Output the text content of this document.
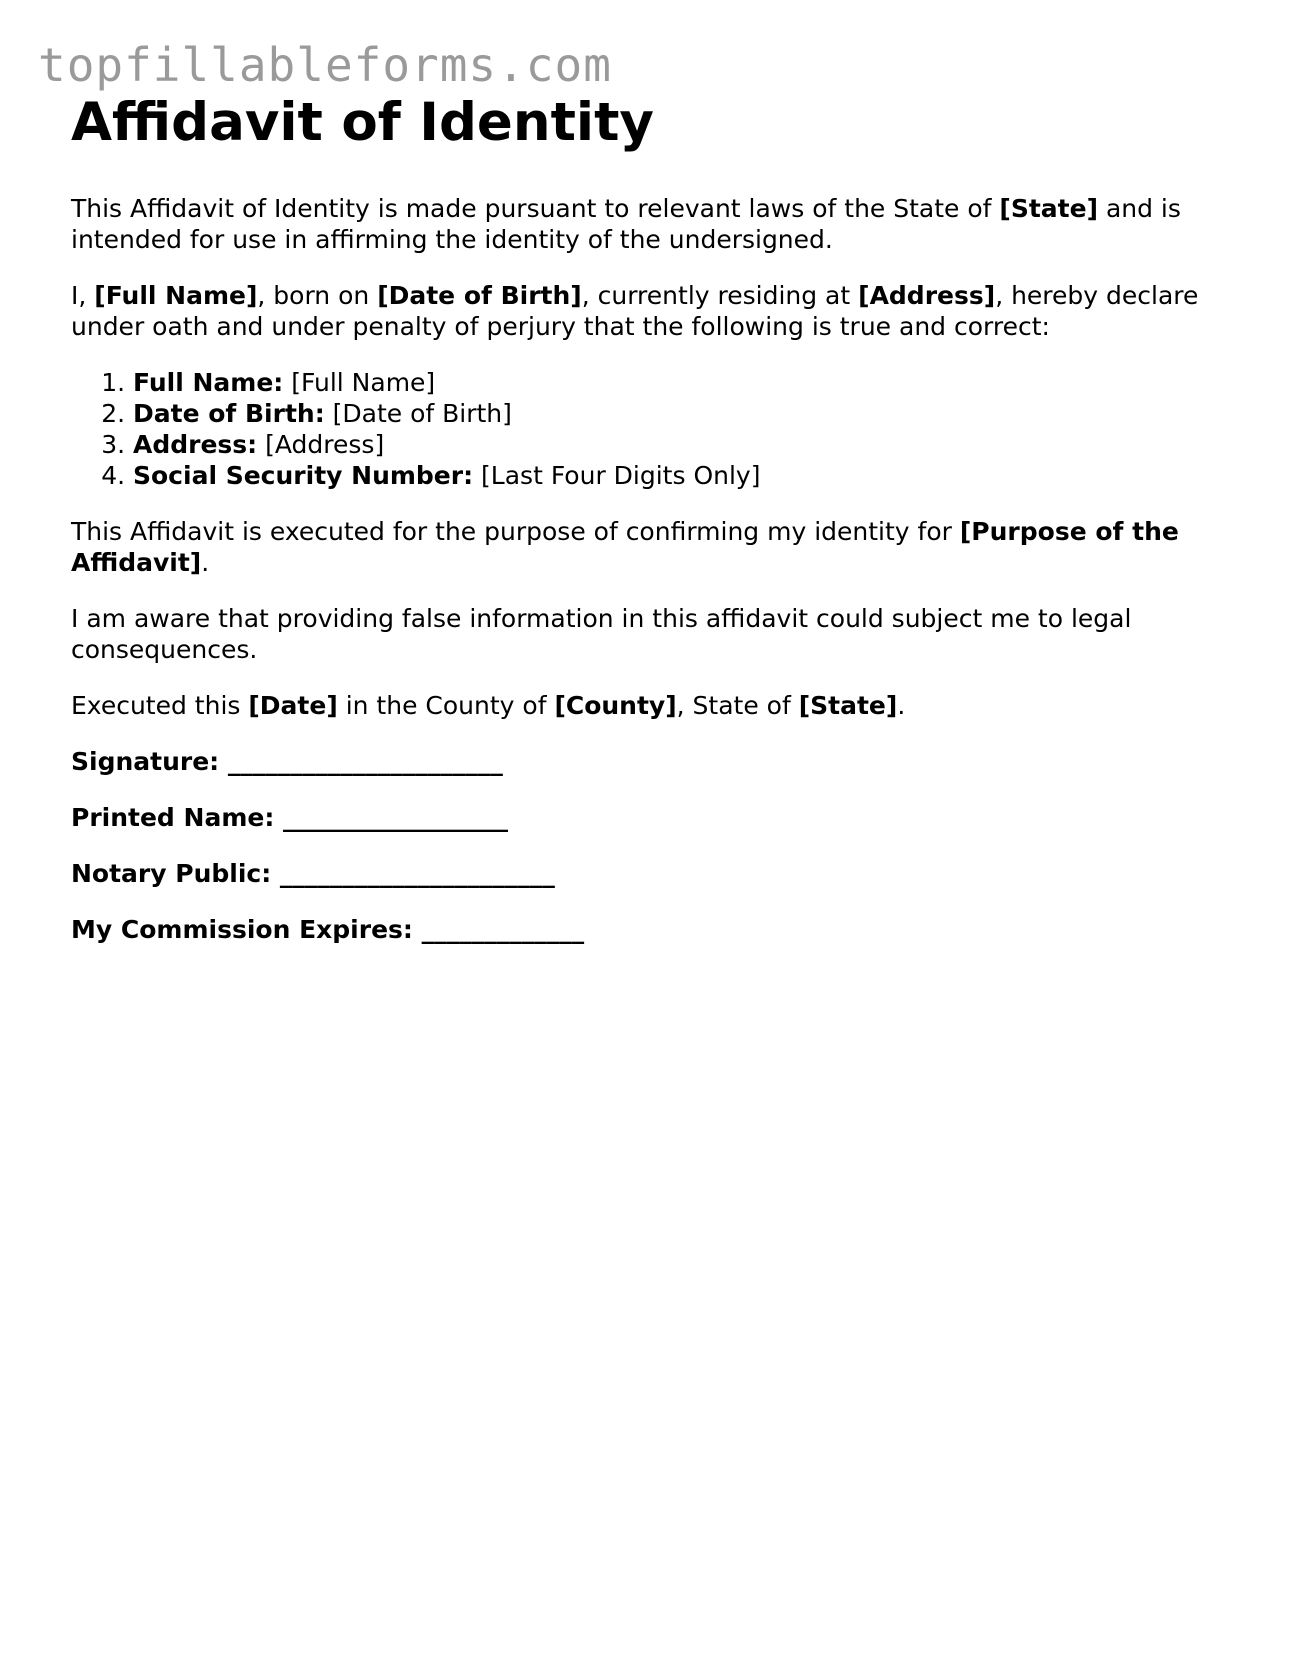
topfillableforms.com
Affidavit of Identity

This Affidavit of Identity is made pursuant to relevant laws of the State of [State] and is intended for use in affirming the identity of the undersigned.

I, [Full Name], born on [Date of Birth], currently residing at [Address], hereby declare under oath and under penalty of perjury that the following is true and correct:

1. Full Name: [Full Name]
2. Date of Birth: [Date of Birth]
3. Address: [Address]
4. Social Security Number: [Last Four Digits Only]

This Affidavit is executed for the purpose of confirming my identity for [Purpose of the Affidavit].

I am aware that providing false information in this affidavit could subject me to legal consequences.

Executed this [Date] in the County of [County], State of [State].

Signature: ______________________

Printed Name: __________________

Notary Public: ______________________

My Commission Expires: _____________
